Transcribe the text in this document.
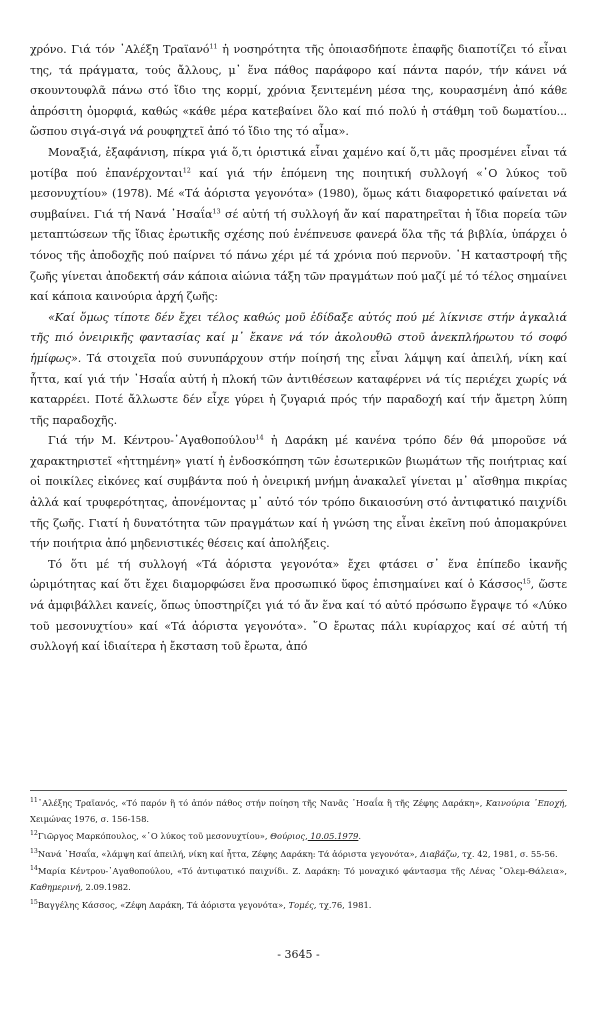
χρόνο. Γιά τόν ᾽Αλέξη Τραϊανό$^{11}$ ἡ νοσηρότητα τῆς ὁποιασδήποτε ἐπαφῆς διαποτίζει τό εἶναι της, τά πράγματα, τούς ἄλλους, μ᾽ ἕνα πάθος παράφορο καί πάντα παρόν, τήν κάνει νά σκουντουφλᾶ πάνω στό ἴδιο της κορμί, χρόνια ξενιτεμένη μέσα της, κουρασμένη ἀπό κάθε ἀπρόσιτη ὁμορφιά, καθώς «κάθε μέρα κατεβαίνει ὅλο καί πιό πολύ ἡ στάθμη τοῦ δωματίου... ὥσπου σιγά-σιγά νά ρουφηχτεῖ ἀπό τό ἴδιο της τό αἷμα».

Μοναξιά, ἐξαφάνιση, πίκρα γιά ὅ,τι ὁριστικά εἶναι χαμένο καί ὅ,τι μᾶς προσμένει εἶναι τά μοτίβα πού ἐπανέρχονται$^{12}$ καί γιά τήν ἑπόμενη της ποιητική συλλογή «῾Ο λύκος τοῦ μεσονυχτίου» (1978). Μέ «Τά ἀόριστα γεγονότα» (1980), ὅμως κάτι διαφορετικό φαίνεται νά συμβαίνει. Γιά τή Νανά ᾽Ησαΐα$^{13}$ σέ αὐτή τή συλλογή ἄν καί παρατηρεῖται ἡ ἴδια πορεία τῶν μεταπτώσεων τῆς ἴδιας ἐρωτικῆς σχέσης πού ἐνέπνευσε φανερά ὅλα τῆς τά βιβλία, ὑπάρχει ὁ τόνος τῆς ἀποδοχῆς πού παίρνει τό πάνω χέρι μέ τά χρόνια πού περνοῦν. ῾Η καταστροφή τῆς ζωῆς γίνεται ἀποδεκτή σάν κάποια αἰώνια τάξη τῶν πραγμάτων πού μαζί μέ τό τέλος σημαίνει καί κάποια καινούρια ἀρχή ζωῆς:

«Καί ὅμως τίποτε δέν ἔχει τέλος καθώς μοῦ ἐδίδαξε αὐτός πού μέ λίκνισε στήν ἀγκαλιά τῆς πιό ὀνειρικῆς φαντασίας καί μ᾽ ἔκανε νά τόν ἀκολουθῶ στοῦ ἀνεκπλήρωτου τό σοφό ἡμίφως». Τά στοιχεῖα πού συνυπάρχουν στήν ποίησή της εἶναι λάμψη καί ἀπειλή, νίκη καί ἧττα, καί γιά τήν ᾽Ησαΐα αὐτή ἡ πλοκή τῶν ἀντιθέσεων καταφέρνει νά τίς περιέχει χωρίς νά καταρρέει. Ποτέ ἄλλωστε δέν εἶχε γύρει ἡ ζυγαριά πρός τήν παραδοχή καί τήν ἄμετρη λύπη τῆς παραδοχῆς.

Γιά τήν Μ. Κέντρου-᾽Αγαθοπούλου$^{14}$ ἡ Δαράκη μέ κανένα τρόπο δέν θά μποροῦσε νά χαρακτηριστεῖ «ἡττημένη» γιατί ἡ ἐνδοσκόπηση τῶν ἐσωτερικῶν βιωμάτων τῆς ποιήτριας καί οἱ ποικίλες εἰκόνες καί συμβάντα πού ἡ ὀνειρική μνήμη ἀνακαλεῖ γίνεται μ᾽ αἴσθημα πικρίας ἀλλά καί τρυφερότητας, ἀπονέμοντας μ᾽ αὐτό τόν τρόπο δικαιοσύνη στό ἀντιφατικό παιχνίδι τῆς ζωῆς. Γιατί ἡ δυνατότητα τῶν πραγμάτων καί ἡ γνώση της εἶναι ἐκεῖνη πού ἀπομακρύνει τήν ποιήτρια ἀπό μηδενιστικές θέσεις καί ἀπολήξεις.

Τό ὅτι μέ τή συλλογή «Τά ἀόριστα γεγονότα» ἔχει φτάσει σ᾽ ἕνα ἐπίπεδο ἱκανῆς ὡριμότητας καί ὅτι ἔχει διαμορφώσει ἕνα προσωπικό ὕφος ἐπισημαίνει καί ὁ Κάσσος$^{15}$, ὥστε νά ἀμφιβάλλει κανείς, ὅπως ὑποστηρίζει γιά τό ἄν ἕνα καί τό αὐτό πρόσωπο ἔγραψε τό «Λύκο τοῦ μεσονυχτίου» καί «Τά ἀόριστα γεγονότα». ῞Ο ἔρωτας πάλι κυρίαρχος καί σέ αὐτή τή συλλογή καί ἰδιαίτερα ἡ ἔκσταση τοῦ ἔρωτα, ἀπό

$^{11}$᾽Αλέξης Τραϊανός, «Τό παρόν ἢ τό ἀπόν πάθος στήν ποίηση τῆς Νανᾶς ᾽Ησαΐα ἢ τῆς Ζέφης Δαράκη», Καινούρια ᾽Εποχή, Χειμώνας 1976, σ. 156-158.

$^{12}$Γιῶργος Μαρκόπουλος, «῾Ο λύκος τοῦ μεσονυχτίου», Θούριος, 10.05.1979.

$^{13}$Νανά ᾽Ησαΐα, «λάμψη καί ἀπειλή, νίκη καί ἧττα, Ζέφης Δαράκη: Τά ἀόριστα γεγονότα», Διαβάζω, τχ. 42, 1981, σ. 55-56.

$^{14}$Μαρία Κέντρου-᾽Αγαθοπούλου, «Τό ἀντιφατικό παιχνίδι. Ζ. Δαράκη: Τό μοναχικό φάντασμα τῆς Λένας ῎Ολεμ-Θάλεια», Καθημερινή, 2.09.1982.

$^{15}$Βαγγέλης Κάσσος, «Ζέφη Δαράκη, Τά ἀόριστα γεγονότα», Τομές, τχ.76, 1981.

- 3645 -
